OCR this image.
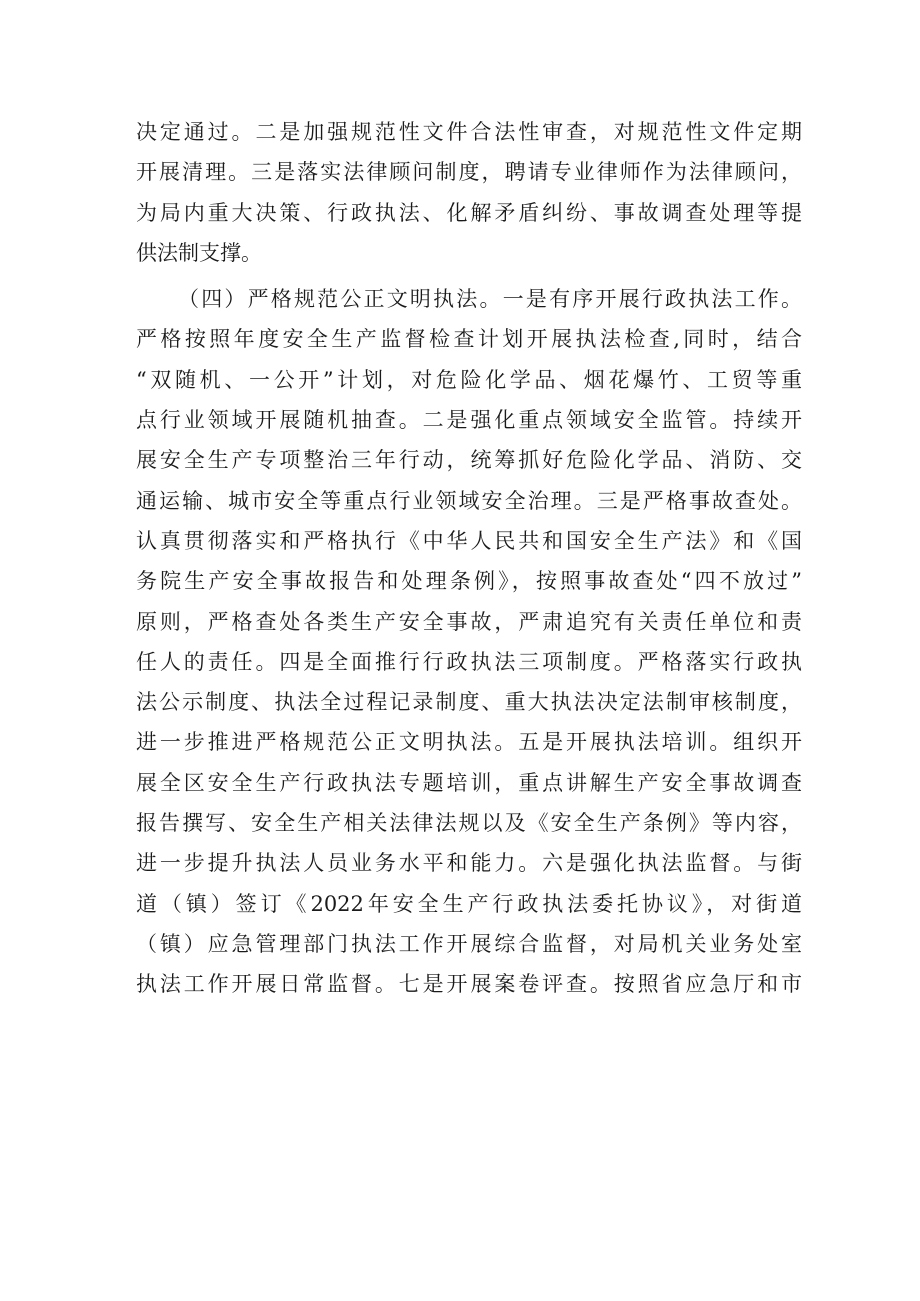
决定通过。二是加强规范性文件合法性审查，对规范性文件定期
开展清理。三是落实法律顾问制度，聘请专业律师作为法律顾问，
为局内重大决策、行政执法、化解矛盾纠纷、事故调查处理等提
供法制支撑。
（四）严格规范公正文明执法。一是有序开展行政执法工作。
严格按照年度安全生产监督检查计划开展执法检查,同时，结合
“双随机、一公开”计划，对危险化学品、烟花爆竹、工贸等重
点行业领域开展随机抽查。二是强化重点领域安全监管。持续开
展安全生产专项整治三年行动，统筹抓好危险化学品、消防、交
通运输、城市安全等重点行业领域安全治理。三是严格事故查处。
认真贯彻落实和严格执行《中华人民共和国安全生产法》和《国
务院生产安全事故报告和处理条例》，按照事故查处“四不放过”
原则，严格查处各类生产安全事故，严肃追究有关责任单位和责
任人的责任。四是全面推行行政执法三项制度。严格落实行政执
法公示制度、执法全过程记录制度、重大执法决定法制审核制度，
进一步推进严格规范公正文明执法。五是开展执法培训。组织开
展全区安全生产行政执法专题培训，重点讲解生产安全事故调查
报告撰写、安全生产相关法律法规以及《安全生产条例》等内容，
进一步提升执法人员业务水平和能力。六是强化执法监督。与街
道（镇）签订《2022年安全生产行政执法委托协议》，对街道
（镇）应急管理部门执法工作开展综合监督，对局机关业务处室
执法工作开展日常监督。七是开展案卷评查。按照省应急厅和市
